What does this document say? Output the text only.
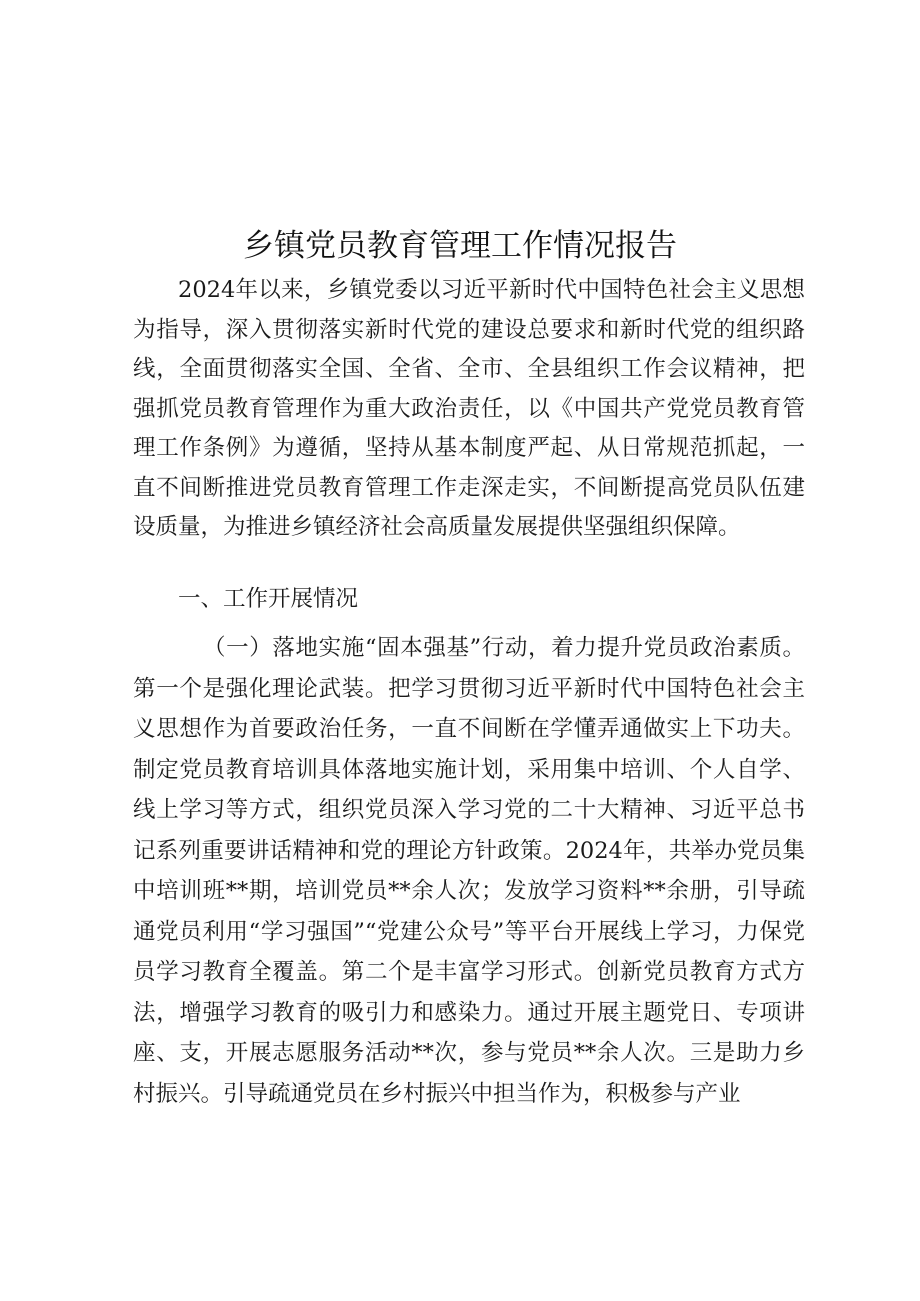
乡镇党员教育管理工作情况报告

2024年以来，乡镇党委以习近平新时代中国特色社会主义思想为指导，深入贯彻落实新时代党的建设总要求和新时代党的组织路线，全面贯彻落实全国、全省、全市、全县组织工作会议精神，把强抓党员教育管理作为重大政治责任，以《中国共产党党员教育管理工作条例》为遵循，坚持从基本制度严起、从日常规范抓起，一直不间断推进党员教育管理工作走深走实，不间断提高党员队伍建设质量，为推进乡镇经济社会高质量发展提供坚强组织保障。

一、工作开展情况

（一）落地实施“固本强基”行动，着力提升党员政治素质。第一个是强化理论武装。把学习贯彻习近平新时代中国特色社会主义思想作为首要政治任务，一直不间断在学懂弄通做实上下功夫。制定党员教育培训具体落地实施计划，采用集中培训、个人自学、线上学习等方式，组织党员深入学习党的二十大精神、习近平总书记系列重要讲话精神和党的理论方针政策。2024年，共举办党员集中培训班**期，培训党员**余人次；发放学习资料**余册，引导疏通党员利用“学习强国”“党建公众号”等平台开展线上学习，力保党员学习教育全覆盖。第二个是丰富学习形式。创新党员教育方式方法，增强学习教育的吸引力和感染力。通过开展主题党日、专项讲座、支，开展志愿服务活动**次，参与党员**余人次。三是助力乡村振兴。引导疏通党员在乡村振兴中担当作为，积极参与产业
